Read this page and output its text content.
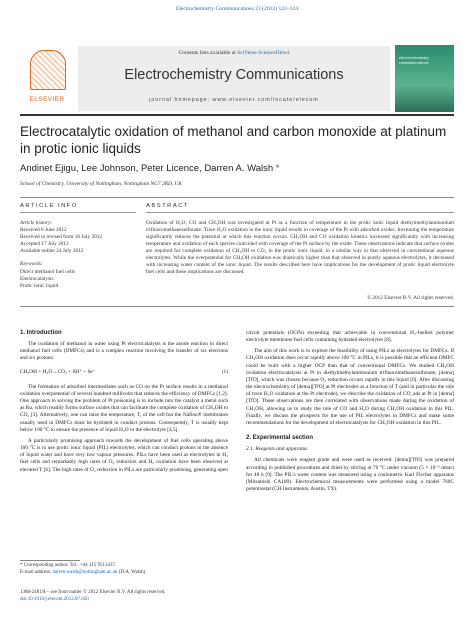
Electrochemistry Communications 23 (2012) 122–124
Contents lists available at SciVerse ScienceDirect
Electrochemistry Communications
journal homepage: www.elsevier.com/locate/elecom
ELSEVIER
electrochemistry communications
Electrocatalytic oxidation of methanol and carbon monoxide at platinum in protic ionic liquids
Andinet Ejigu, Lee Johnson, Peter Licence, Darren A. Walsh *
School of Chemistry, University of Nottingham, Nottingham NG7 2RD, UK
ARTICLE INFO	ABSTRACT
Article history:
Received 6 June 2012
Received in revised form 16 July 2012
Accepted 17 July 2012
Available online 24 July 2012
Keywords:
Direct methanol fuel cells
Electrocatalysis
Protic ionic liquid
Oxidation of H₂O, CO and CH₃OH was investigated at Pt as a function of temperature in the protic ionic liquid diethylmethylammonium trifluoromethanesulfonate. Trace H₂O oxidation in the ionic liquid results in coverage of the Pt with adsorbed oxides. Increasing the temperature significantly reduces the potential at which this reaction occurs. CH₃OH and CO oxidation kinetics increased significantly with increasing temperature and oxidation of each species coincided with coverage of the Pt surface by the oxide. These observations indicate that surface oxides are required for complete oxidation of CH₃OH to CO₂ in the protic ionic liquid, in a similar way to that observed in conventional aqueous electrolytes. While the overpotential for CH₃OH oxidation was drastically higher than that observed in purely aqueous electrolytes, it decreased with increasing water content of the ionic liquid. The results described here have implications for the development of protic liquid electrolyte fuel cells and these implications are discussed.
© 2012 Elsevier B.V. All rights reserved.

1. Introduction

The oxidation of methanol in water using Pt electrocatalysts is the anode reaction in direct methanol fuel cells (DMFCs) and is a complex reaction involving the transfer of six electrons and six protons:

CH₃OH + H₂O→CO₂ + 6H⁺ + 6e⁻	(1)

The formation of adsorbed intermediates such as CO on the Pt surface results in a methanol oxidation overpotential of several hundred millivolts that reduces the efficiency of DMFCs [1,2]. One approach to solving the problem of Pt poisoning is to include into the catalyst a metal such as Ru, which readily forms surface oxides that can facilitate the complete oxidation of CH₃OH to CO₂ [3]. Alternatively, one can raise the temperature, T, of the cell but the Nafion® membranes usually used in DMFCs must be hydrated to conduct protons. Consequently, T is usually kept below 100 °C to ensure the presence of liquid H₂O in the electrolyte [4,5].

A particularly promising approach towards the development of fuel cells operating above 100 °C is to use protic ionic liquid (PIL) electrolytes, which can conduct protons in the absence of liquid water and have very low vapour pressures. PILs have been used as electrolytes in H₂ fuel cells and remarkably high rates of O₂ reduction and H₂ oxidation have been observed at elevated T [6]. The high rates of O₂ reduction in PILs are particularly promising, generating open

circuit potentials (OCPs) exceeding that achievable in conventional H₂-fuelled polymer electrolyte membrane fuel cells containing hydrated electrolytes [8].

The aim of this work is to explore the feasibility of using PILs as electrolytes for DMFCs. If CH₃OH oxidation does occur rapidly above 100 °C in PILs, it is possible that an efficient DMFC could be built with a higher OCP than that of conventional DMFCs. We studied CH₃OH oxidation electrocatalysis at Pt in diethylmethylammonium trifluoromethanesulfonate, [dema][TfO], which was chosen because O₂ reduction occurs rapidly in this liquid [6]. After discussing the electrochemistry of [dema][TfO] at Pt electrodes as a function of T (and in particular the role of trace H₂O oxidation at the Pt electrode), we describe the oxidation of CO_ads at Pt in [dema][TfO]. These observations are then correlated with observations made during the oxidation of CH₃OH, allowing us to study the role of CO and H₂O during CH₃OH oxidation in this PIL. Finally, we discuss the prospects for the use of PIL electrolytes in DMFCs and make some recommendations for the development of electrocatalysts for CH₃OH oxidation in this PIL.

2. Experimental section

2.1. Reagents and apparatus

All chemicals were reagent grade and were used as received. [dema][TfO] was prepared according to published procedures and dried by stirring at 70 °C under vacuum (5 × 10⁻² mbar) for 48 h [9]. The PIL's water content was measured using a coulometric Karl Fischer apparatus (Mitsubishi CA100). Electrochemical measurements were performed using a model 760C potentiostat (CH Instruments, Austin, TX).

* Corresponding author. Tel.: +44 115 9513437.
E-mail address: darren.walsh@nottingham.ac.uk (D.A. Walsh).
1388-2481/$ – see front matter © 2012 Elsevier B.V. All rights reserved.
doi:10.1016/j.elecom.2012.07.020
